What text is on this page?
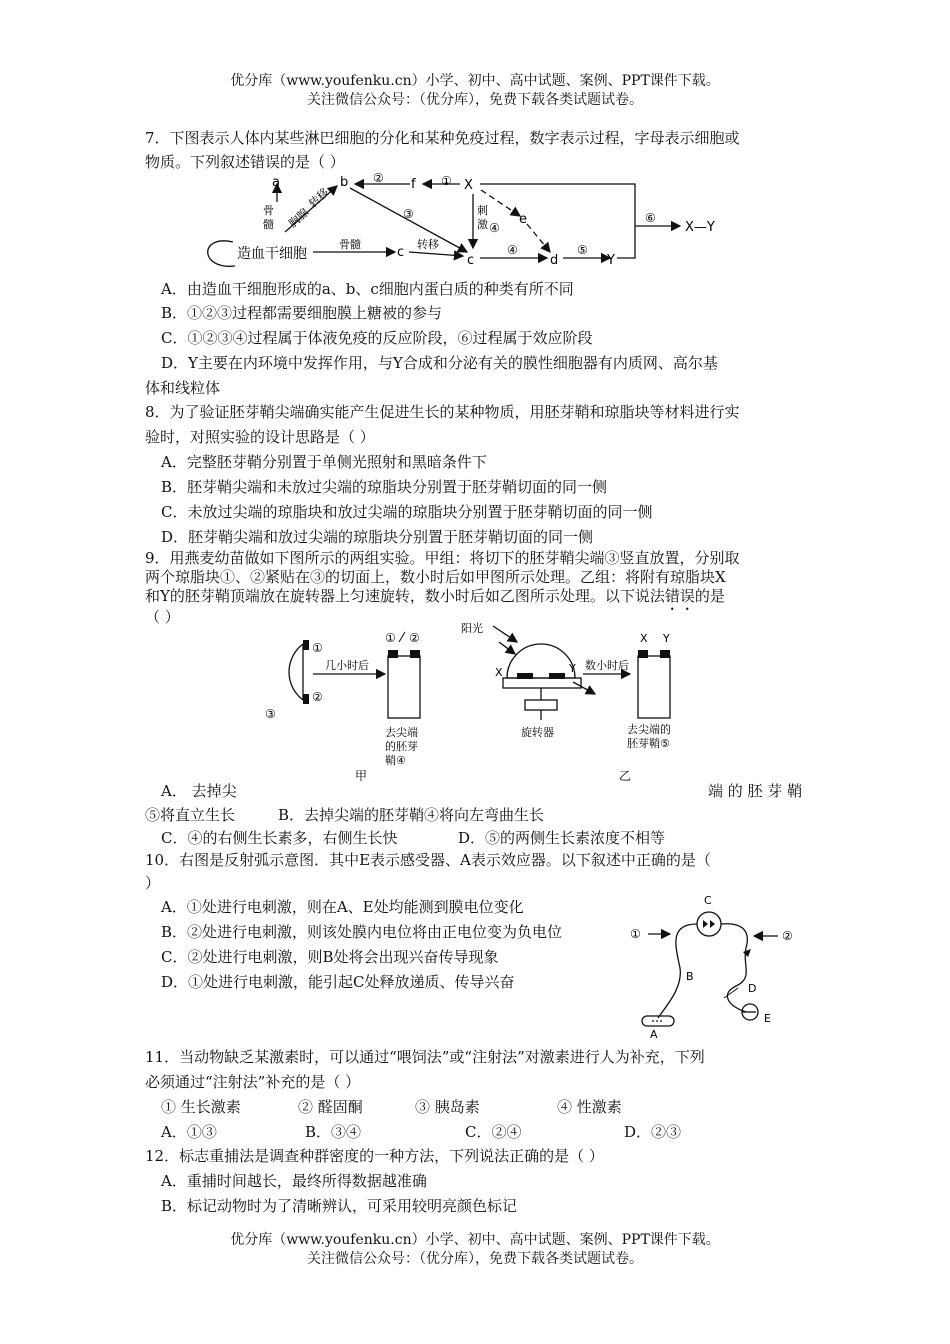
优分库（www.youfenku.cn）小学、初中、高中试题、案例、PPT课件下载。
关注微信公众号：（优分库），免费下载各类试题试卷。
7．下图表示人体内某些淋巴细胞的分化和某种免疫过程，数字表示过程，字母表示细胞或
物质。下列叙述错误的是（ ）
a	b	f	X
e
c
c	d	Y
X—Y
①
②
③
④
④	⑤
⑥
骨
髓 胸腺
转移
刺
激
骨髓	转移
造血干细胞
A．由造血干细胞形成的a、b、c细胞内蛋白质的种类有所不同
B．①②③过程都需要细胞膜上糖被的参与
C．①②③④过程属于体液免疫的反应阶段，⑥过程属于效应阶段
D．Y主要在内环境中发挥作用，与Y合成和分泌有关的膜性细胞器有内质网、高尔基
体和线粒体
8．为了验证胚芽鞘尖端确实能产生促进生长的某种物质，用胚芽鞘和琼脂块等材料进行实
验时，对照实验的设计思路是（ ）
A．完整胚芽鞘分别置于单侧光照射和黑暗条件下
B．胚芽鞘尖端和未放过尖端的琼脂块分别置于胚芽鞘切面的同一侧
C．未放过尖端的琼脂块和放过尖端的琼脂块分别置于胚芽鞘切面的同一侧
D．胚芽鞘尖端和放过尖端的琼脂块分别置于胚芽鞘切面的同一侧
9．用燕麦幼苗做如下图所示的两组实验。甲组：将切下的胚芽鞘尖端③竖直放置，分别取
两个琼脂块①、②紧贴在③的切面上，数小时后如甲图所示处理。乙组：将附有琼脂块X
和Y的胚芽鞘顶端放在旋转器上匀速旋转，数小时后如乙图所示处理。以下说法错误的是
（ ）
①
②
③
几小时后
① ②
去尖端
的胚芽
鞘④
甲
阳光
X	Y
旋转器
数小时后
X Y
去尖端的
胚芽鞘⑤
乙
A． 去掉尖	端 的 胚 芽 鞘
⑤将直立生长	B．去掉尖端的胚芽鞘④将向左弯曲生长
C．④的右侧生长素多，右侧生长快	D．⑤的两侧生长素浓度不相等
10．右图是反射弧示意图．其中E表示感受器、A表示效应器。以下叙述中正确的是（
）
A．①处进行电刺激，则在A、E处均能测到膜电位变化
B．②处进行电刺激，则该处膜内电位将由正电位变为负电位
C．②处进行电刺激，则B处将会出现兴奋传导现象
D．①处进行电刺激，能引起C处释放递质、传导兴奋
C
①	②
B
D
E
A
11．当动物缺乏某激素时，可以通过“喂饲法”或“注射法”对激素进行人为补充，下列
必须通过“注射法”补充的是（ ）
① 生长激素	② 醛固酮	③ 胰岛素	④ 性激素
A．①③	B．③④	C．②④	D．②③
12．标志重捕法是调查种群密度的一种方法，下列说法正确的是（ ）
A．重捕时间越长，最终所得数据越准确
B．标记动物时为了清晰辨认，可采用较明亮颜色标记
优分库（www.youfenku.cn）小学、初中、高中试题、案例、PPT课件下载。
关注微信公众号：（优分库），免费下载各类试题试卷。
